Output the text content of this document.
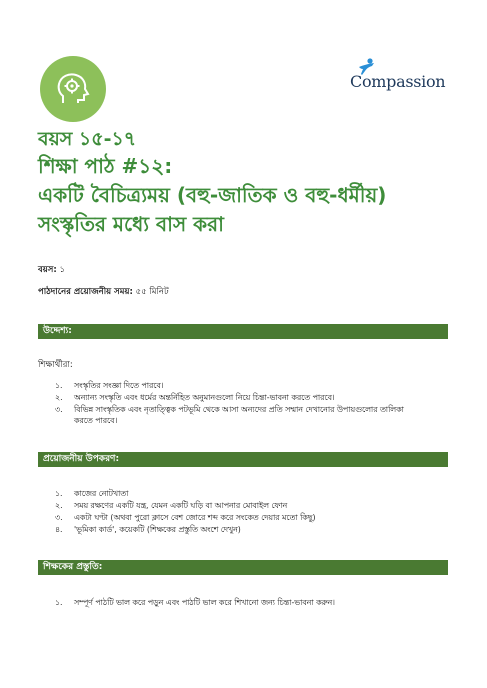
Compassion
বয়স ১৫-১৭
শিক্ষা পাঠ #১২:
একটি বৈচিত্র্যময় (বহু-জাতিক ও বহু-ধর্মীয়)
সংস্কৃতির মধ্যে বাস করা
বয়স: ১
পাঠদানের প্রয়োজনীয় সময়: ৫৫ মিনিট
উদ্দেশ্য:
শিক্ষার্থীরা:
১. সংস্কৃতির সংজ্ঞা দিতে পারবে।
২. অন্যান্য সংস্কৃতি এবং ধর্মের অন্তর্নিহিত অনুমানগুলো নিয়ে চিন্তা-ভাবনা করতে পারবে।
৩. বিভিন্ন সাংস্কৃতিক এবং নৃতাত্ত্বিক পটভূমি থেকে আসা অন্যদের প্রতি সম্মান দেখানোর উপায়গুলোর তালিকা
করতে পারবে।
প্রয়োজনীয় উপকরণ:
১. কাজের নোটখাতা
২. সময় রক্ষণের একটি যন্ত্র, যেমন একটি ঘড়ি বা আপনার মোবাইল ফোন
৩. একটা ঘণ্টা (অথবা পুরো ক্লাসে বেশ জোরে শব্দ করে সংকেত দেয়ার মতো কিছু)
৪. 'ভূমিকা কার্ড', কয়েকটি (শিক্ষকের প্রস্তুতি অংশে দেখুন)
শিক্ষকের প্রস্তুতি:
১. সম্পূর্ণ পাঠটি ভাল করে পড়ুন এবং পাঠটি ভাল করে শিখানো জন্য চিন্তা-ভাবনা করুন।
